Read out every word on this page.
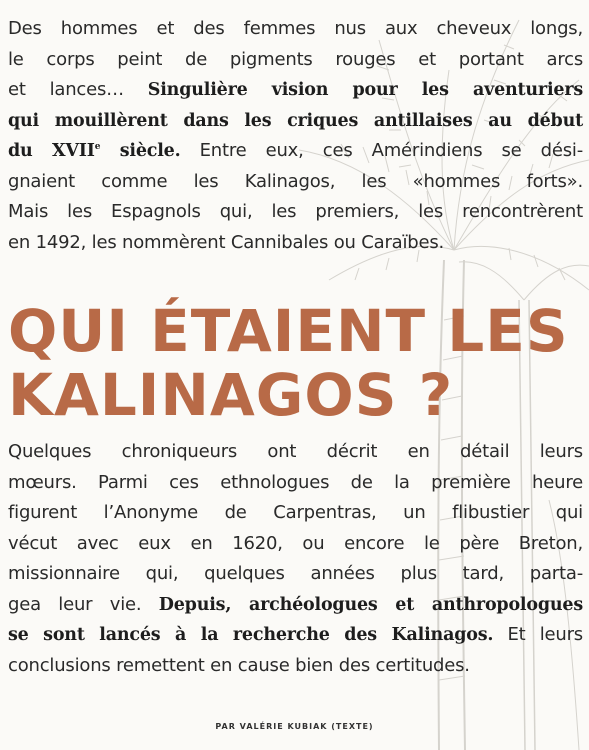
Des hommes et des femmes nus aux cheveux longs,
le corps peint de pigments rouges et portant arcs
et lances… Singulière vision pour les aventuriers
qui mouillèrent dans les criques antillaises au début
du XVIIe siècle. Entre eux, ces Amérindiens se dési-
gnaient comme les Kalinagos, les «hommes forts».
Mais les Espagnols qui, les premiers, les rencontrèrent
en 1492, les nommèrent Cannibales ou Caraïbes.

QUI ÉTAIENT LES
KALINAGOS ?

Quelques chroniqueurs ont décrit en détail leurs
mœurs. Parmi ces ethnologues de la première heure
figurent l’Anonyme de Carpentras, un flibustier qui
vécut avec eux en 1620, ou encore le père Breton,
missionnaire qui, quelques années plus tard, parta-
gea leur vie. Depuis, archéologues et anthropologues
se sont lancés à la recherche des Kalinagos. Et leurs
conclusions remettent en cause bien des certitudes.

PAR VALÉRIE KUBIAK (TEXTE)
